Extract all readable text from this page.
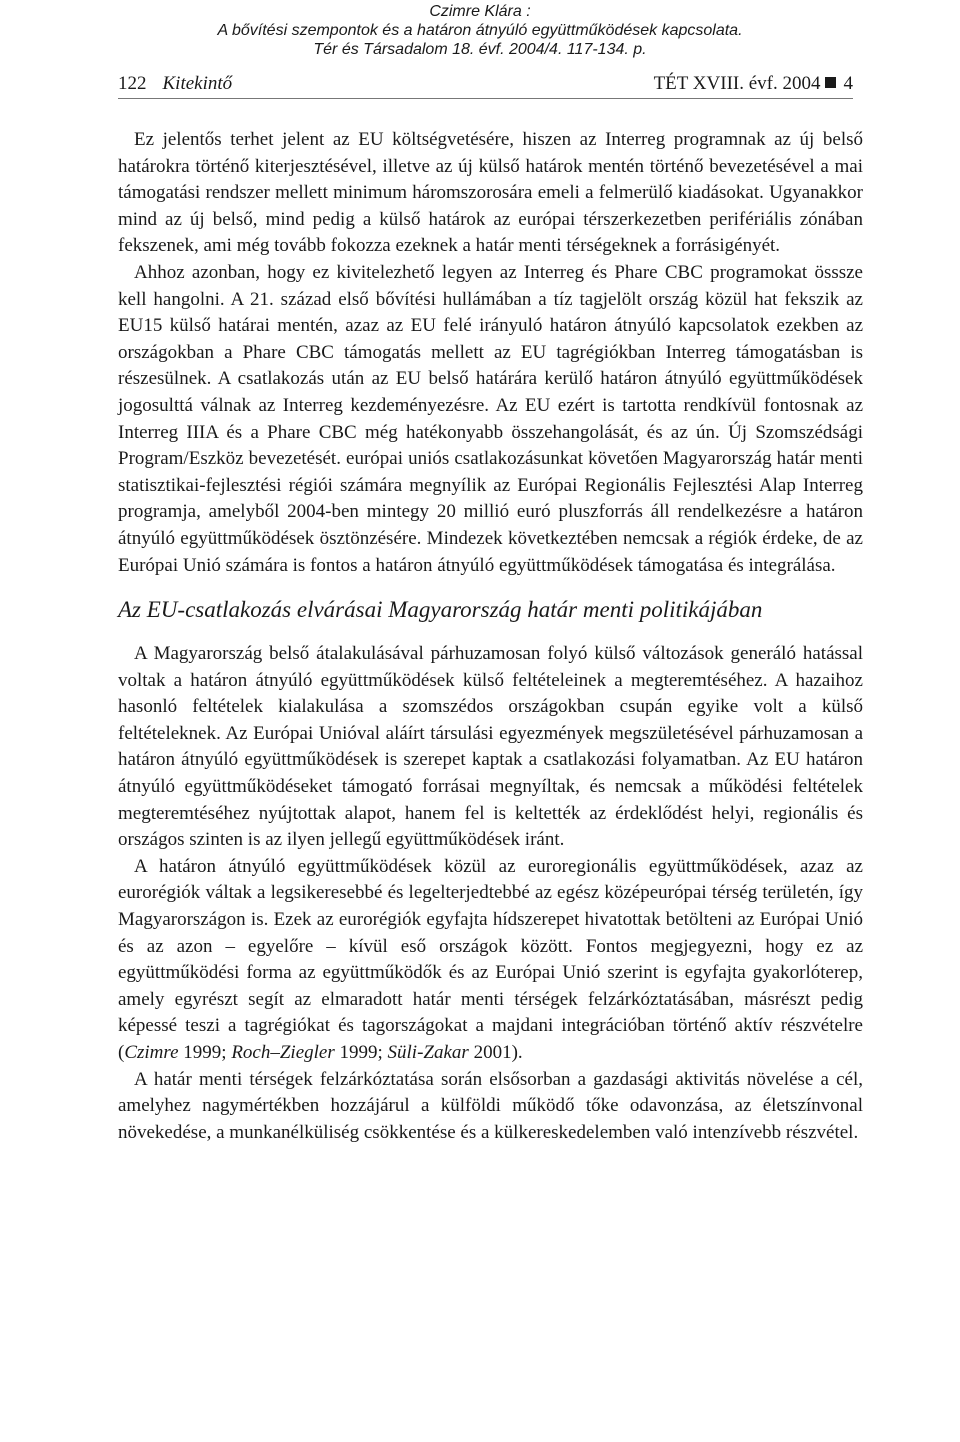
Czimre Klára :
A bővítési szempontok és a határon átnyúló együttműködések kapcsolata.
Tér és Társadalom 18. évf. 2004/4. 117-134. p.
122 Kitekintő	TÉT XVIII. évf. 2004 4

Ez jelentős terhet jelent az EU költségvetésére, hiszen az Interreg programnak az új belső határokra történő kiterjesztésével, illetve az új külső határok mentén történő bevezetésével a mai támogatási rendszer mellett minimum háromszorosára emeli a felmerülő kiadásokat. Ugyanakkor mind az új belső, mind pedig a külső határok az európai térszerkezetben perifériális zónában fekszenek, ami még tovább fokozza ezeknek a határ menti térségeknek a forrásigényét.

Ahhoz azonban, hogy ez kivitelezhető legyen az Interreg és Phare CBC programokat össsze kell hangolni. A 21. század első bővítési hullámában a tíz tagjelölt ország közül hat fekszik az EU15 külső határai mentén, azaz az EU felé irányuló határon átnyúló kapcsolatok ezekben az országokban a Phare CBC támogatás mellett az EU tagrégiókban Interreg támogatásban is részesülnek. A csatlakozás után az EU belső határára kerülő határon átnyúló együttműködések jogosulttá válnak az Interreg kezdeményezésre. Az EU ezért is tartotta rendkívül fontosnak az Interreg IIIA és a Phare CBC még hatékonyabb összehangolását, és az ún. Új Szomszédsági Program/Eszköz bevezetését. európai uniós csatlakozásunkat követően Magyarország határ menti statisztikai-fejlesztési régiói számára megnyílik az Európai Regionális Fejlesztési Alap Interreg programja, amelyből 2004-ben mintegy 20 millió euró pluszforrás áll rendelkezésre a határon átnyúló együttműködések ösztönzésére. Mindezek következtében nemcsak a régiók érdeke, de az Európai Unió számára is fontos a határon átnyúló együttműködések támogatása és integrálása.

Az EU-csatlakozás elvárásai Magyarország határ menti politikájában

A Magyarország belső átalakulásával párhuzamosan folyó külső változások generáló hatással voltak a határon átnyúló együttműködések külső feltételeinek a megteremtéséhez. A hazaihoz hasonló feltételek kialakulása a szomszédos országokban csupán egyike volt a külső feltételeknek. Az Európai Unióval aláírt társulási egyezmények megszületésével párhuzamosan a határon átnyúló együttműködések is szerepet kaptak a csatlakozási folyamatban. Az EU határon átnyúló együttműködéseket támogató forrásai megnyíltak, és nemcsak a működési feltételek megteremtéséhez nyújtottak alapot, hanem fel is keltették az érdeklődést helyi, regionális és országos szinten is az ilyen jellegű együttműködések iránt.

A határon átnyúló együttműködések közül az euroregionális együttműködések, azaz az eurorégiók váltak a legsikeresebbé és legelterjedtebbé az egész középeurópai térség területén, így Magyarországon is. Ezek az eurorégiók egyfajta hídszerepet hivatottak betölteni az Európai Unió és az azon – egyelőre – kívül eső országok között. Fontos megjegyezni, hogy ez az együttműködési forma az együttműködők és az Európai Unió szerint is egyfajta gyakorlóterep, amely egyrészt segít az elmaradott határ menti térségek felzárkóztatásában, másrészt pedig képessé teszi a tagrégiókat és tagországokat a majdani integrációban történő aktív részvételre (Czimre 1999; Roch–Ziegler 1999; Süli-Zakar 2001).

A határ menti térségek felzárkóztatása során elsősorban a gazdasági aktivitás növelése a cél, amelyhez nagymértékben hozzájárul a külföldi működő tőke odavonzása, az életszínvonal növekedése, a munkanélküliség csökkentése és a külkereskedelemben való intenzívebb részvétel.
